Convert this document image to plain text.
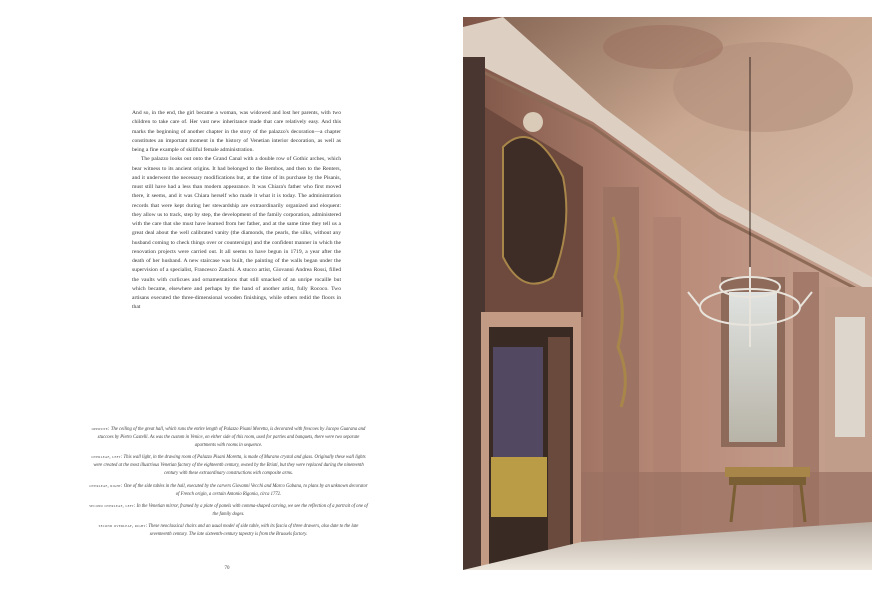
And so, in the end, the girl became a woman, was widowed and lost her parents, with two children to take care of. Her vast new inheritance made that care relatively easy. And this marks the beginning of another chapter in the story of the palazzo's decoration—a chapter constitutes an important moment in the history of Venetian interior decoration, as well as being a fine example of skillful female administration.

The palazzo looks out onto the Grand Canal with a double row of Gothic arches, which bear witness to its ancient origins. It had belonged to the Bembos, and then to the Renters, and it underwent the necessary modifications but, at the time of its purchase by the Pisanis, must still have had a less than modern appearance. It was Chiara's father who first moved there, it seems, and it was Chiara herself who made it what it is today. The administration records that were kept during her stewardship are extraordinarily organized and eloquent: they allow us to track, step by step, the development of the family corporation, administered with the care that she must have learned from her father, and at the same time they tell us a great deal about the well calibrated vanity (the diamonds, the pearls, the silks, without any husband coming to check things over or countersign) and the confident manner in which the renovation projects were carried out. It all seems to have begun in 1719, a year after the death of her husband. A new staircase was built, the painting of the walls began under the supervision of a specialist, Francesco Zanchi. A stucco artist, Giovanni Andrea Rossi, filled the vaults with curlicues and ornamentations that still smacked of an unripe rocaille but which became, elsewhere and perhaps by the hand of another artist, fully Rococo. Two artisans executed the three-dimensional wooden finishings, while others redid the floors in that

opposite: The ceiling of the great hall, which runs the entire length of Palazzo Pisani Moretta, is decorated with frescoes by Jacopo Guarana and stuccoes by Pietro Castelli. As was the custom in Venice, on either side of this room, used for parties and banquets, there were two separate apartments with rooms in sequence.

overleaf, left: This wall light, in the drawing room of Palazzo Pisani Moretta, is made of Murano crystal and glass. Originally these wall lights were created at the most illustrious Venetian factory of the eighteenth century, owned by the Briati, but they were replaced during the nineteenth century with these extraordinary constructions with composite arms.

overleaf, right: One of the side tables in the hall, executed by the carvers Giovanni Vecchi and Marco Gabana, to plans by an unknown decorator of French origin, a certain Antonio Rigonia, circa 1772.

second overleaf, left: In the Venetian mirror, framed by a plate of panels with comma-shaped carving, we see the reflection of a portrait of one of the family doges.

second overleaf, right: These neoclassical chairs and an usual model of side table, with its fascia of three drawers, also date to the late seventeenth century. The late sixteenth-century tapestry is from the Brussels factory.

70
